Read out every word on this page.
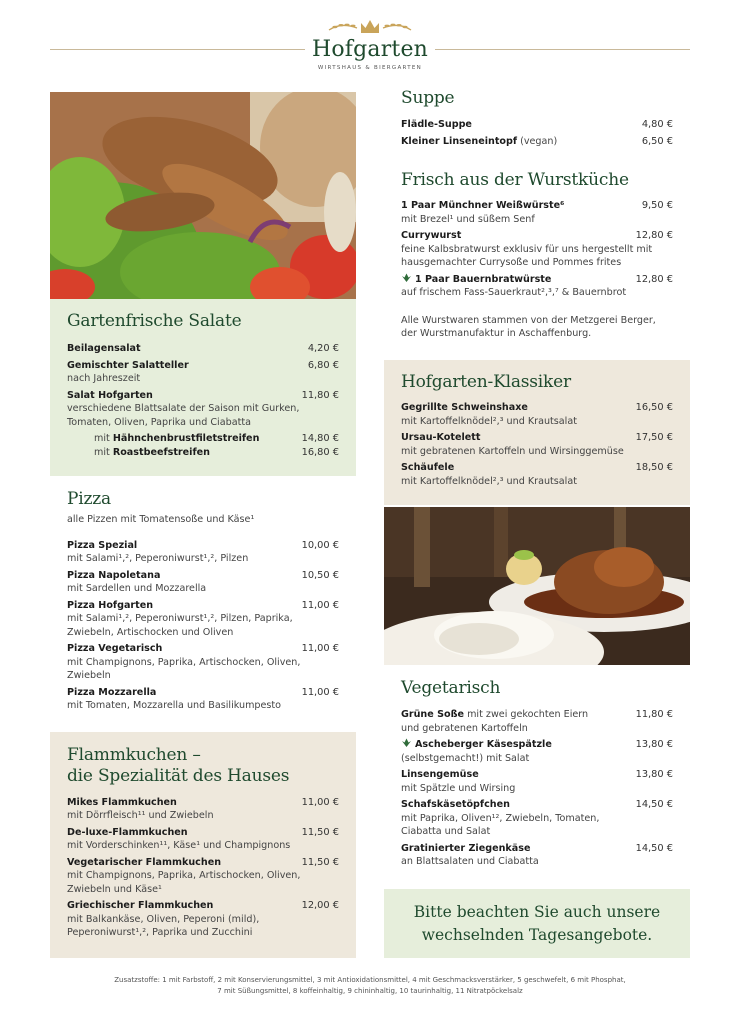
Hofgarten
WIRTSHAUS & BIERGARTEN
Gartenfrische Salate
Beilagensalat	4,20 €
Gemischter Salatteller	6,80 €
nach Jahreszeit
Salat Hofgarten	11,80 €
verschiedene Blattsalate der Saison mit Gurken, Tomaten, Oliven, Paprika und Ciabatta
mit Hähnchenbrustfiletstreifen	14,80 €
mit Roastbeefstreifen	16,80 €
Pizza
alle Pizzen mit Tomatensoße und Käse¹
Pizza Spezial	10,00 €
mit Salami¹,², Peperoniwurst¹,², Pilzen
Pizza Napoletana	10,50 €
mit Sardellen und Mozzarella
Pizza Hofgarten	11,00 €
mit Salami¹,², Peperoniwurst¹,², Pilzen, Paprika, Zwiebeln, Artischocken und Oliven
Pizza Vegetarisch	11,00 €
mit Champignons, Paprika, Artischocken, Oliven, Zwiebeln
Pizza Mozzarella	11,00 €
mit Tomaten, Mozzarella und Basilikumpesto
Flammkuchen –
die Spezialität des Hauses
Mikes Flammkuchen	11,00 €
mit Dörrfleisch¹¹ und Zwiebeln
De-luxe-Flammkuchen	11,50 €
mit Vorderschinken¹¹, Käse¹ und Champignons
Vegetarischer Flammkuchen	11,50 €
mit Champignons, Paprika, Artischocken, Oliven, Zwiebeln und Käse¹
Griechischer Flammkuchen	12,00 €
mit Balkankäse, Oliven, Peperoni (mild), Peperoniwurst¹,², Paprika und Zucchini
Suppe
Flädle-Suppe	4,80 €
Kleiner Linseneintopf (vegan)	6,50 €
Frisch aus der Wurstküche
1 Paar Münchner Weißwürste⁶	9,50 €
mit Brezel¹ und süßem Senf
Currywurst	12,80 €
feine Kalbsbratwurst exklusiv für uns hergestellt mit hausgemachter Currysoße und Pommes frites
1 Paar Bauernbratwürste	12,80 €
auf frischem Fass-Sauerkraut²,³,⁷ & Bauernbrot
Alle Wurstwaren stammen von der Metzgerei Berger, der Wurstmanufaktur in Aschaffenburg.
Hofgarten-Klassiker
Gegrillte Schweinshaxe	16,50 €
mit Kartoffelknödel²,³ und Krautsalat
Ursau-Kotelett	17,50 €
mit gebratenen Kartoffeln und Wirsinggemüse
Schäufele	18,50 €
mit Kartoffelknödel²,³ und Krautsalat
Vegetarisch
Grüne Soße mit zwei gekochten Eiern	11,80 €
und gebratenen Kartoffeln
Ascheberger Käsespätzle	13,80 €
(selbstgemacht!) mit Salat
Linsengemüse	13,80 €
mit Spätzle und Wirsing
Schafskäsetöpfchen	14,50 €
mit Paprika, Oliven¹², Zwiebeln, Tomaten, Ciabatta und Salat
Gratinierter Ziegenkäse	14,50 €
an Blattsalaten und Ciabatta
Bitte beachten Sie auch unsere
wechselnden Tagesangebote.
Zusatzstoffe: 1 mit Farbstoff, 2 mit Konservierungsmittel, 3 mit Antioxidationsmittel, 4 mit Geschmacksverstärker, 5 geschwefelt, 6 mit Phosphat,
7 mit Süßungsmittel, 8 koffeinhaltig, 9 chininhaltig, 10 taurinhaltig, 11 Nitratpöckelsalz
